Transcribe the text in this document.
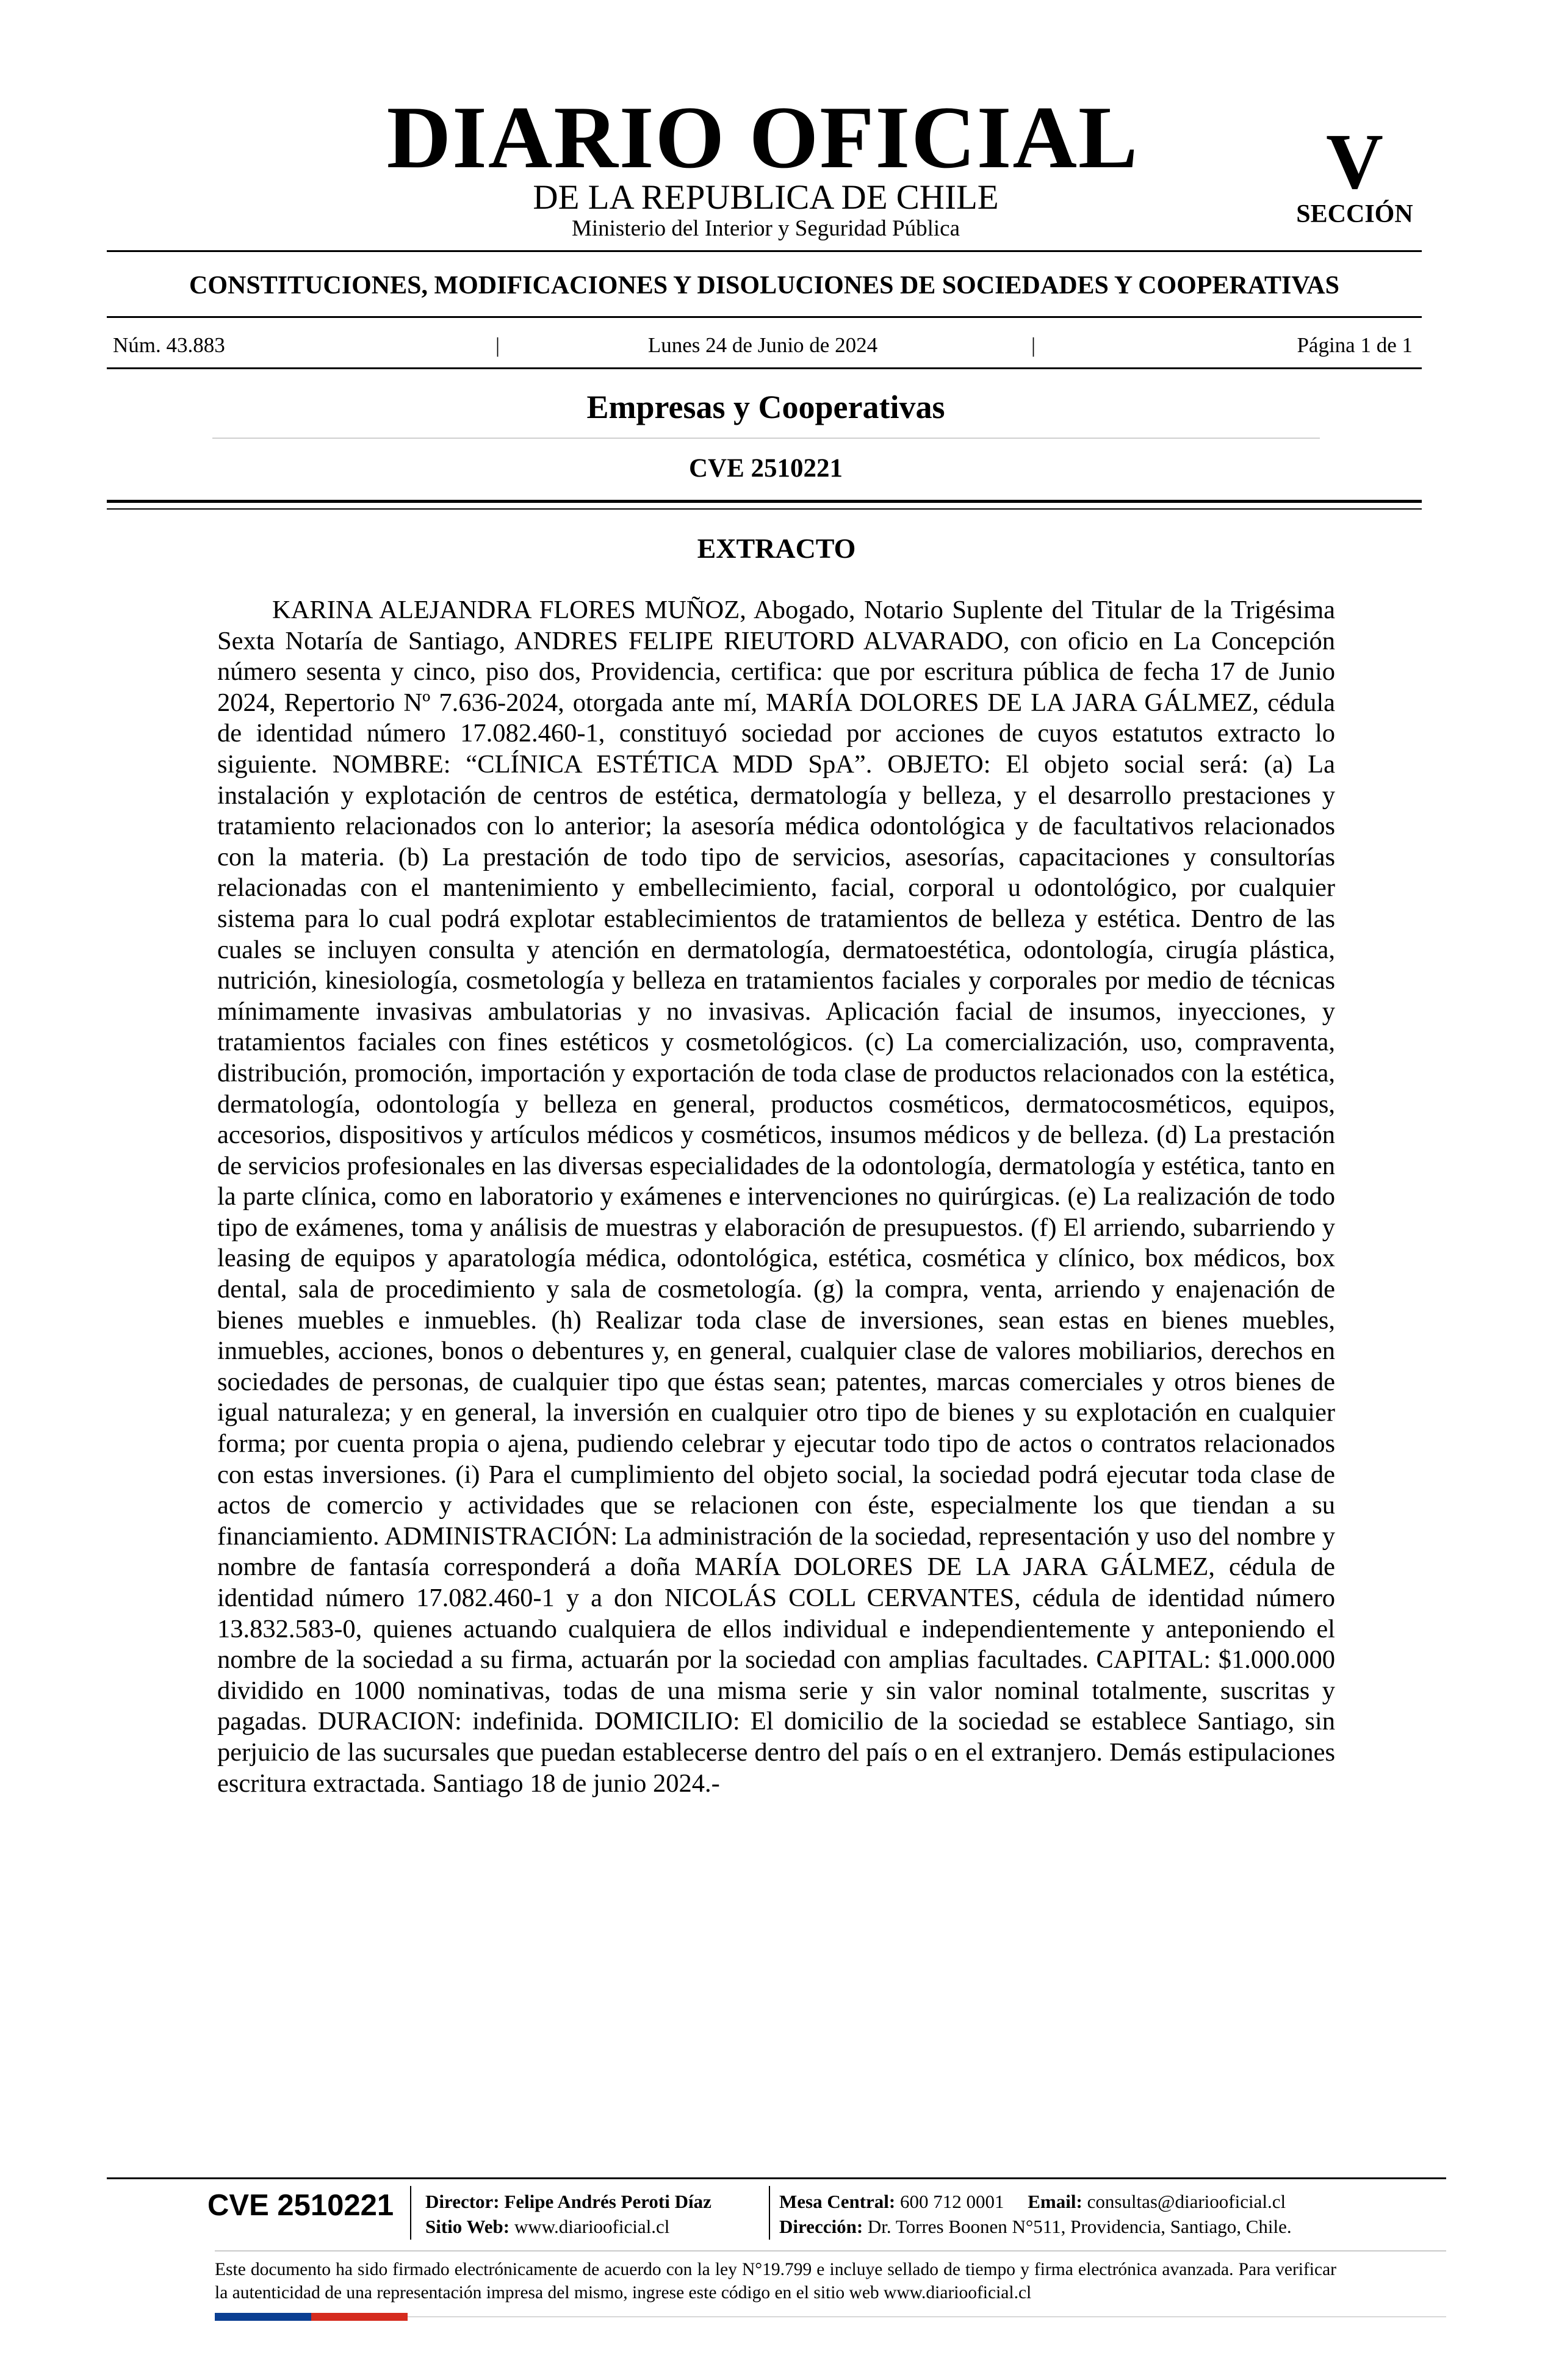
DIARIO OFICIAL
DE LA REPUBLICA DE CHILE
Ministerio del Interior y Seguridad Pública
V
SECCIÓN
CONSTITUCIONES, MODIFICACIONES Y DISOLUCIONES DE SOCIEDADES Y COOPERATIVAS
Núm. 43.883	|	Lunes 24 de Junio de 2024	|	Página 1 de 1
Empresas y Cooperativas
CVE 2510221
EXTRACTO

KARINA ALEJANDRA FLORES MUÑOZ, Abogado, Notario Suplente del Titular de la Trigésima Sexta Notaría de Santiago, ANDRES FELIPE RIEUTORD ALVARADO, con oficio en La Concepción número sesenta y cinco, piso dos, Providencia, certifica: que por escritura pública de fecha 17 de Junio 2024, Repertorio Nº 7.636-2024, otorgada ante mí, MARÍA DOLORES DE LA JARA GÁLMEZ, cédula de identidad número 17.082.460-1, constituyó sociedad por acciones de cuyos estatutos extracto lo siguiente. NOMBRE: “CLÍNICA ESTÉTICA MDD SpA”. OBJETO: El objeto social será: (a) La instalación y explotación de centros de estética, dermatología y belleza, y el desarrollo prestaciones y tratamiento relacionados con lo anterior; la asesoría médica odontológica y de facultativos relacionados con la materia. (b) La prestación de todo tipo de servicios, asesorías, capacitaciones y consultorías relacionadas con el mantenimiento y embellecimiento, facial, corporal u odontológico, por cualquier sistema para lo cual podrá explotar establecimientos de tratamientos de belleza y estética. Dentro de las cuales se incluyen consulta y atención en dermatología, dermatoestética, odontología, cirugía plástica, nutrición, kinesiología, cosmetología y belleza en tratamientos faciales y corporales por medio de técnicas mínimamente invasivas ambulatorias y no invasivas. Aplicación facial de insumos, inyecciones, y tratamientos faciales con fines estéticos y cosmetológicos. (c) La comercialización, uso, compraventa, distribución, promoción, importación y exportación de toda clase de productos relacionados con la estética, dermatología, odontología y belleza en general, productos cosméticos, dermatocosméticos, equipos, accesorios, dispositivos y artículos médicos y cosméticos, insumos médicos y de belleza. (d) La prestación de servicios profesionales en las diversas especialidades de la odontología, dermatología y estética, tanto en la parte clínica, como en laboratorio y exámenes e intervenciones no quirúrgicas. (e) La realización de todo tipo de exámenes, toma y análisis de muestras y elaboración de presupuestos. (f) El arriendo, subarriendo y leasing de equipos y aparatología médica, odontológica, estética, cosmética y clínico, box médicos, box dental, sala de procedimiento y sala de cosmetología. (g) la compra, venta, arriendo y enajenación de bienes muebles e inmuebles. (h) Realizar toda clase de inversiones, sean estas en bienes muebles, inmuebles, acciones, bonos o debentures y, en general, cualquier clase de valores mobiliarios, derechos en sociedades de personas, de cualquier tipo que éstas sean; patentes, marcas comerciales y otros bienes de igual naturaleza; y en general, la inversión en cualquier otro tipo de bienes y su explotación en cualquier forma; por cuenta propia o ajena, pudiendo celebrar y ejecutar todo tipo de actos o contratos relacionados con estas inversiones. (i) Para el cumplimiento del objeto social, la sociedad podrá ejecutar toda clase de actos de comercio y actividades que se relacionen con éste, especialmente los que tiendan a su financiamiento. ADMINISTRACIÓN: La administración de la sociedad, representación y uso del nombre y nombre de fantasía corresponderá a doña MARÍA DOLORES DE LA JARA GÁLMEZ, cédula de identidad número 17.082.460-1 y a don NICOLÁS COLL CERVANTES, cédula de identidad número 13.832.583-0, quienes actuando cualquiera de ellos individual e independientemente y anteponiendo el nombre de la sociedad a su firma, actuarán por la sociedad con amplias facultades. CAPITAL: $1.000.000 dividido en 1000 nominativas, todas de una misma serie y sin valor nominal totalmente, suscritas y pagadas. DURACION: indefinida. DOMICILIO: El domicilio de la sociedad se establece Santiago, sin perjuicio de las sucursales que puedan establecerse dentro del país o en el extranjero. Demás estipulaciones escritura extractada. Santiago 18 de junio 2024.-

CVE 2510221 Director: Felipe Andrés Peroti Díaz
Sitio Web: www.diariooficial.cl
Mesa Central: 600 712 0001 Email: consultas@diariooficial.cl
Dirección: Dr. Torres Boonen N°511, Providencia, Santiago, Chile.

Este documento ha sido firmado electrónicamente de acuerdo con la ley N°19.799 e incluye sellado de tiempo y firma electrónica avanzada. Para verificar la autenticidad de una representación impresa del mismo, ingrese este código en el sitio web www.diariooficial.cl
